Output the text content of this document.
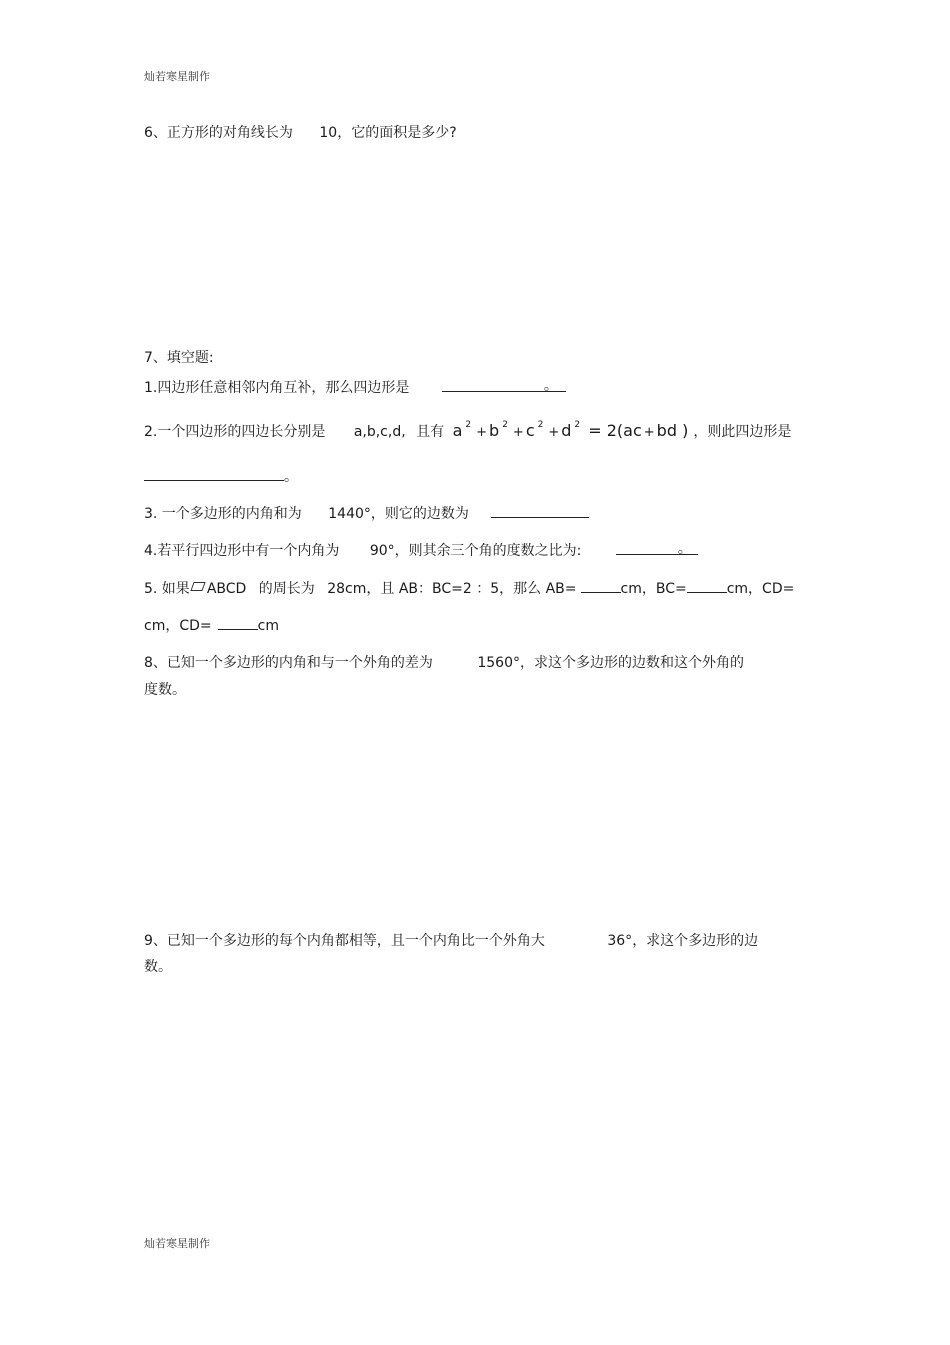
灿若寒星制作
6、正方形的对角线长为 10，它的面积是多少?
7、填空题:
1.四边形任意相邻内角互补，那么四边形是	。
2.一个四边形的四边长分别是 a,b,c,d, 且有 a $^2$ + b $^2$ + c $^2$ + d $^2$ = 2(ac + bd ) ，则此四边形是
。
3. 一个多边形的内角和为 1440°，则它的边数为
4.若平行四边形中有一个内角为 90°，则其余三个角的度数之比为:	。
5. 如果 ABCD 的周长为 28cm，且 AB：BC=2 ：5，那么 AB=	cm，BC=	cm，CD=
cm，CD=	cm
8、已知一个多边形的内角和与一个外角的差为	1560°，求这个多边形的边数和这个外角的
度数。
9、已知一个多边形的每个内角都相等，且一个内角比一个外角大	36°，求这个多边形的边
数。
灿若寒星制作
